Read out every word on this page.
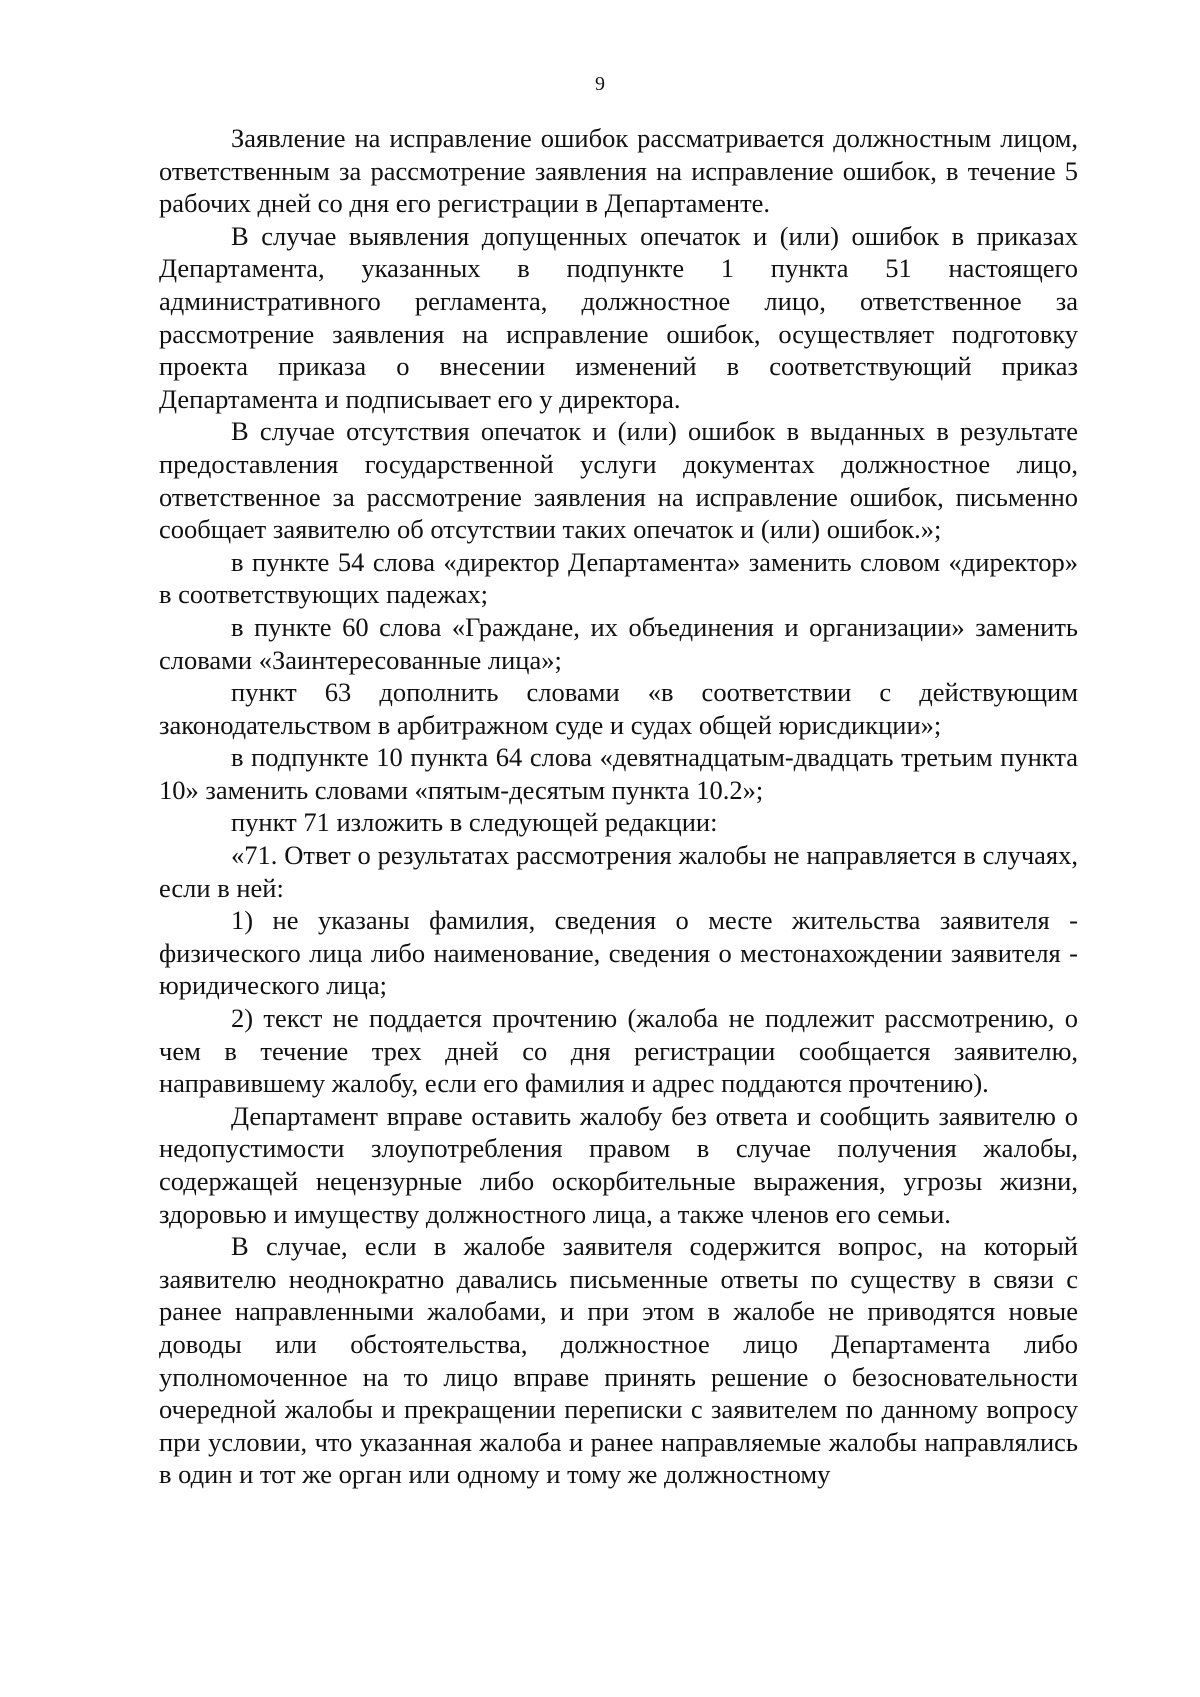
9

Заявление на исправление ошибок рассматривается должностным лицом, ответственным за рассмотрение заявления на исправление ошибок, в течение 5 рабочих дней со дня его регистрации в Департаменте.

В случае выявления допущенных опечаток и (или) ошибок в приказах Департамента, указанных в подпункте 1 пункта 51 настоящего административного регламента, должностное лицо, ответственное за рассмотрение заявления на исправление ошибок, осуществляет подготовку проекта приказа о внесении изменений в соответствующий приказ Департамента и подписывает его у директора.

В случае отсутствия опечаток и (или) ошибок в выданных в результате предоставления государственной услуги документах должностное лицо, ответственное за рассмотрение заявления на исправление ошибок, письменно сообщает заявителю об отсутствии таких опечаток и (или) ошибок.»;

в пункте 54 слова «директор Департамента» заменить словом «директор» в соответствующих падежах;

в пункте 60 слова «Граждане, их объединения и организации» заменить словами «Заинтересованные лица»;

пункт 63 дополнить словами «в соответствии с действующим законодательством в арбитражном суде и судах общей юрисдикции»;

в подпункте 10 пункта 64 слова «девятнадцатым-двадцать третьим пункта 10» заменить словами «пятым-десятым пункта 10.2»;

пункт 71 изложить в следующей редакции:

«71. Ответ о результатах рассмотрения жалобы не направляется в случаях, если в ней:

1) не указаны фамилия, сведения о месте жительства заявителя - физического лица либо наименование, сведения о местонахождении заявителя - юридического лица;

2) текст не поддается прочтению (жалоба не подлежит рассмотрению, о чем в течение трех дней со дня регистрации сообщается заявителю, направившему жалобу, если его фамилия и адрес поддаются прочтению).

Департамент вправе оставить жалобу без ответа и сообщить заявителю о недопустимости злоупотребления правом в случае получения жалобы, содержащей нецензурные либо оскорбительные выражения, угрозы жизни, здоровью и имуществу должностного лица, а также членов его семьи.

В случае, если в жалобе заявителя содержится вопрос, на который заявителю неоднократно давались письменные ответы по существу в связи с ранее направленными жалобами, и при этом в жалобе не приводятся новые доводы или обстоятельства, должностное лицо Департамента либо уполномоченное на то лицо вправе принять решение о безосновательности очередной жалобы и прекращении переписки с заявителем по данному вопросу при условии, что указанная жалоба и ранее направляемые жалобы направлялись в один и тот же орган или одному и тому же должностному
